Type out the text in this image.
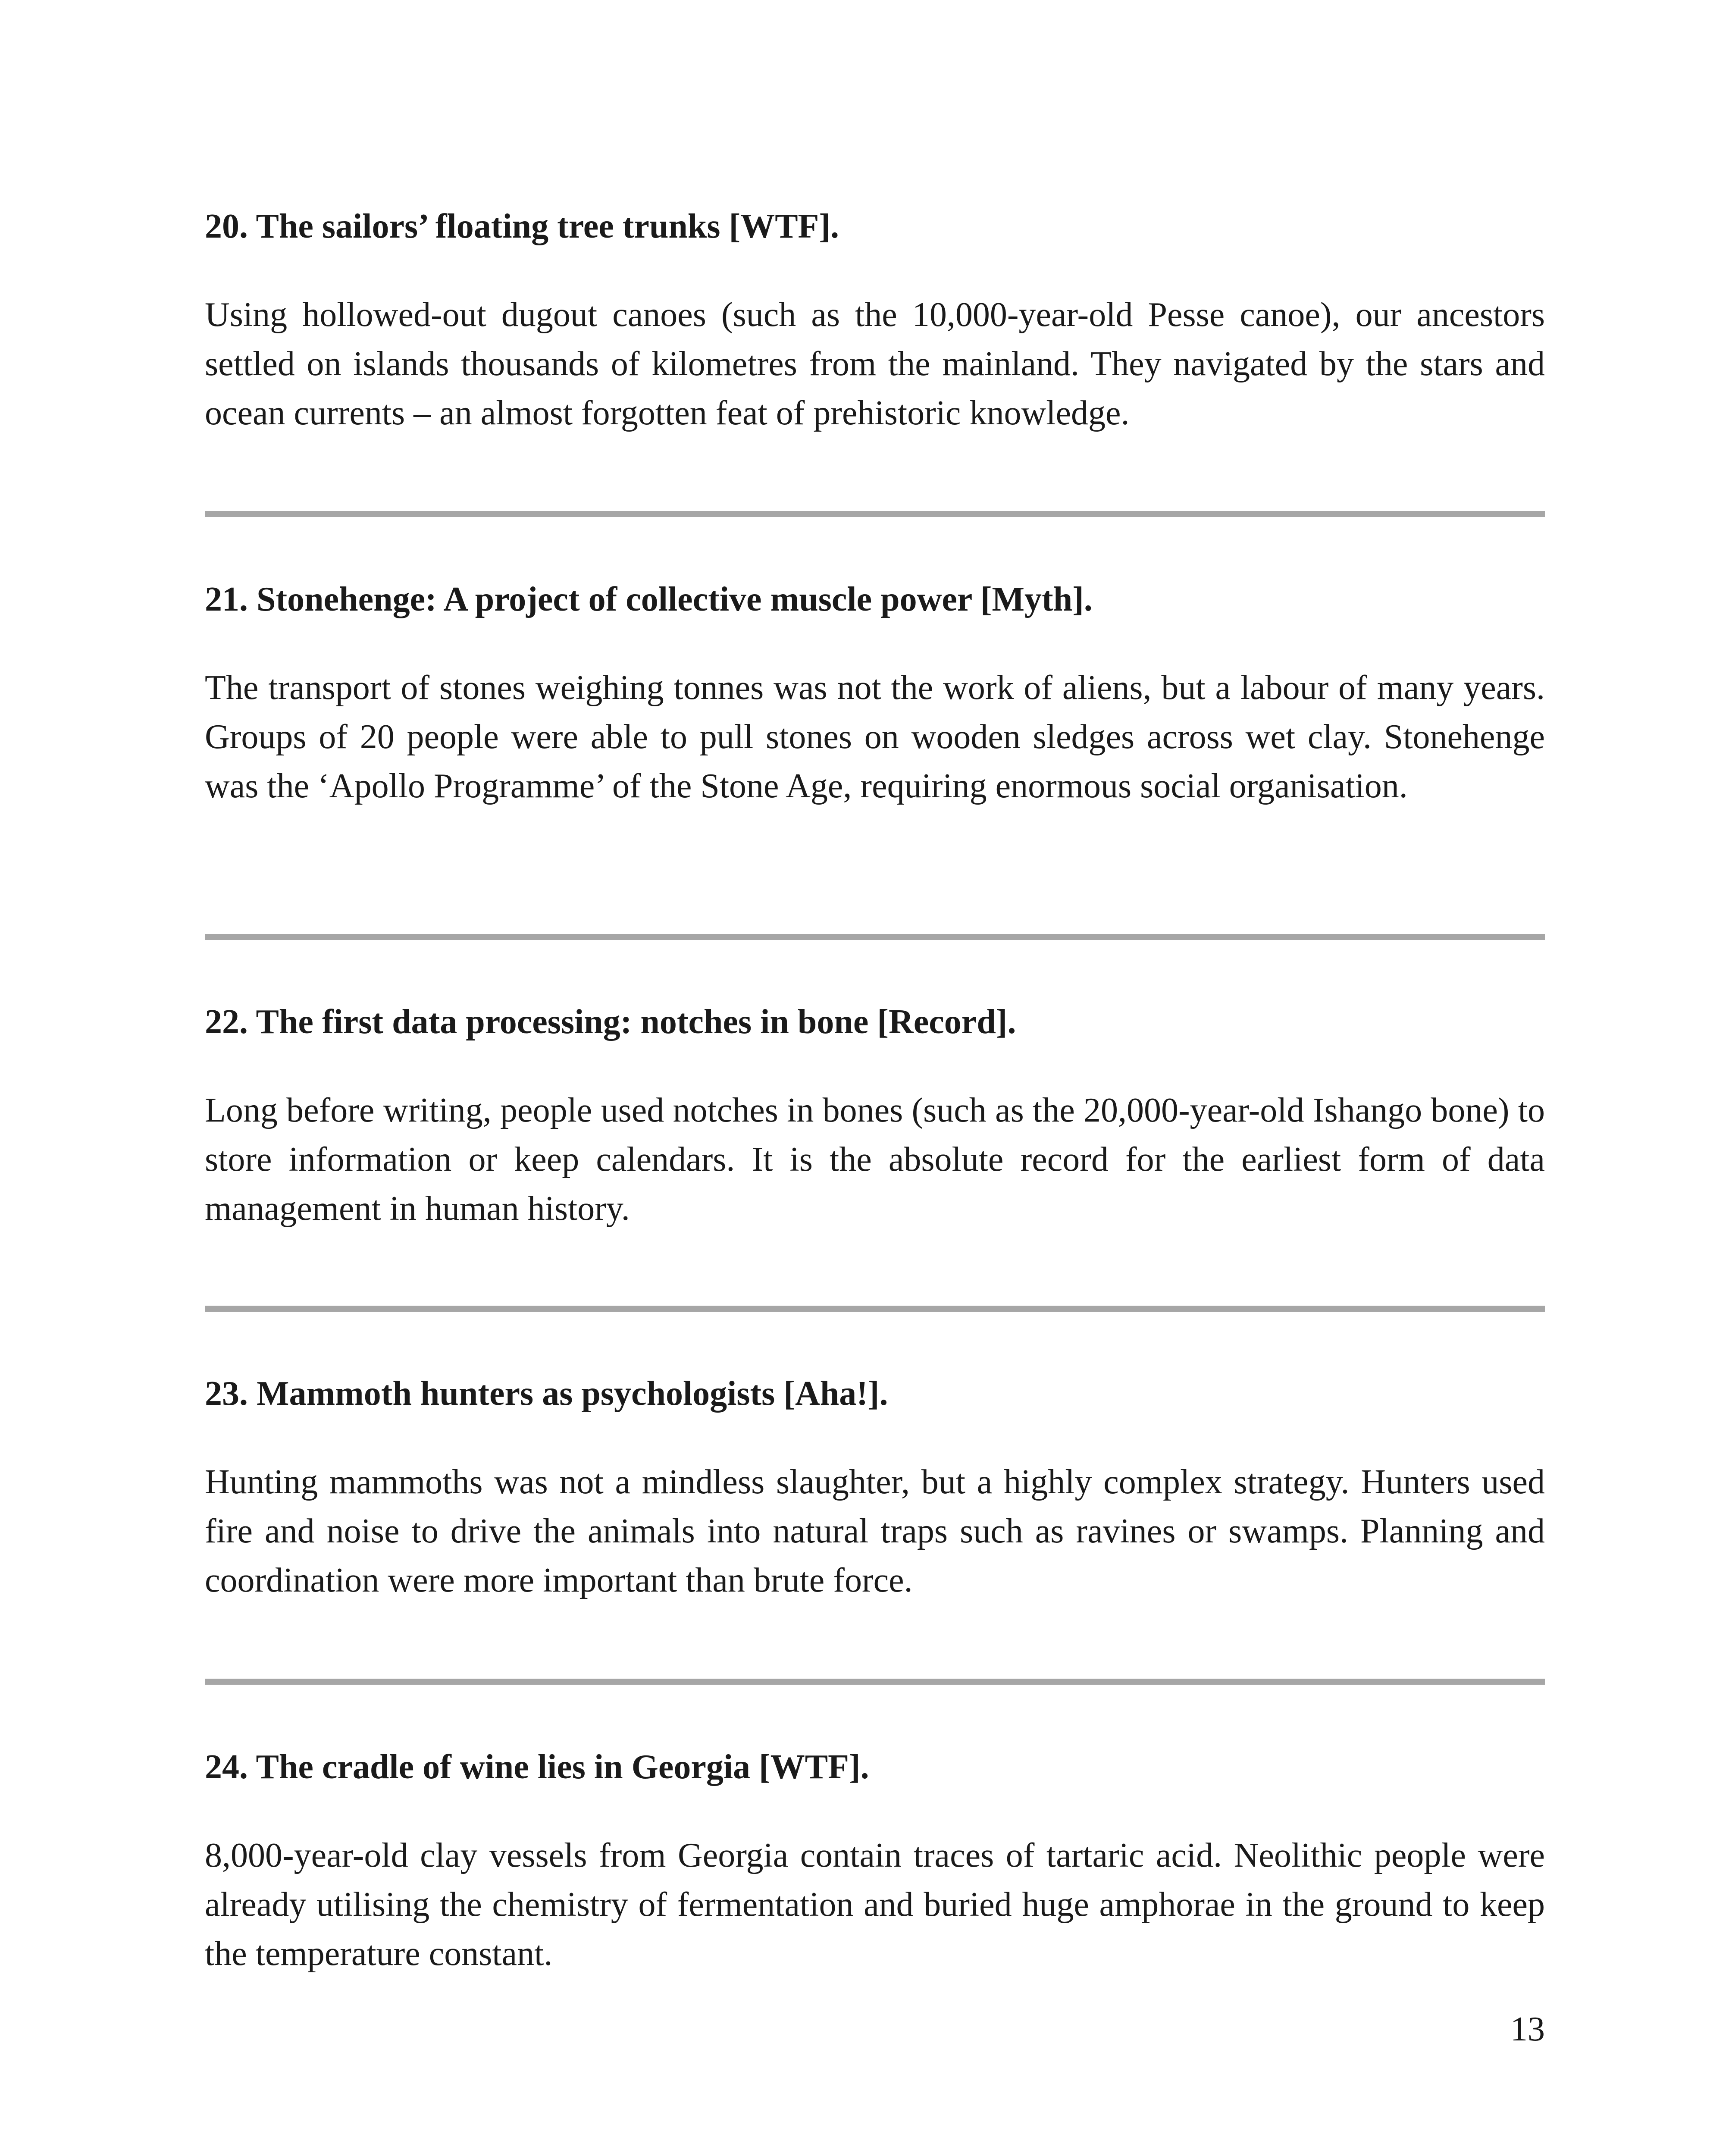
20. The sailors’ floating tree trunks [WTF].

Using hollowed-out dugout canoes (such as the 10,000-year-old Pesse canoe), our ancestors settled on islands thousands of kilometres from the mainland. They navigated by the stars and ocean currents – an almost forgotten feat of prehistoric knowledge.

21. Stonehenge: A project of collective muscle power [Myth].

The transport of stones weighing tonnes was not the work of aliens, but a labour of many years. Groups of 20 people were able to pull stones on wooden sledges across wet clay. Stonehenge was the ‘Apollo Programme’ of the Stone Age, requiring enormous social organisation.

22. The first data processing: notches in bone [Record].

Long before writing, people used notches in bones (such as the 20,000-year-old Ishango bone) to store information or keep calendars. It is the absolute record for the earliest form of data management in human history.

23. Mammoth hunters as psychologists [Aha!].

Hunting mammoths was not a mindless slaughter, but a highly complex strategy. Hunters used fire and noise to drive the animals into natural traps such as ravines or swamps. Planning and coordination were more important than brute force.

24. The cradle of wine lies in Georgia [WTF].

8,000-year-old clay vessels from Georgia contain traces of tartaric acid. Neolithic people were already utilising the chemistry of fermentation and buried huge amphorae in the ground to keep the temperature constant.

13
